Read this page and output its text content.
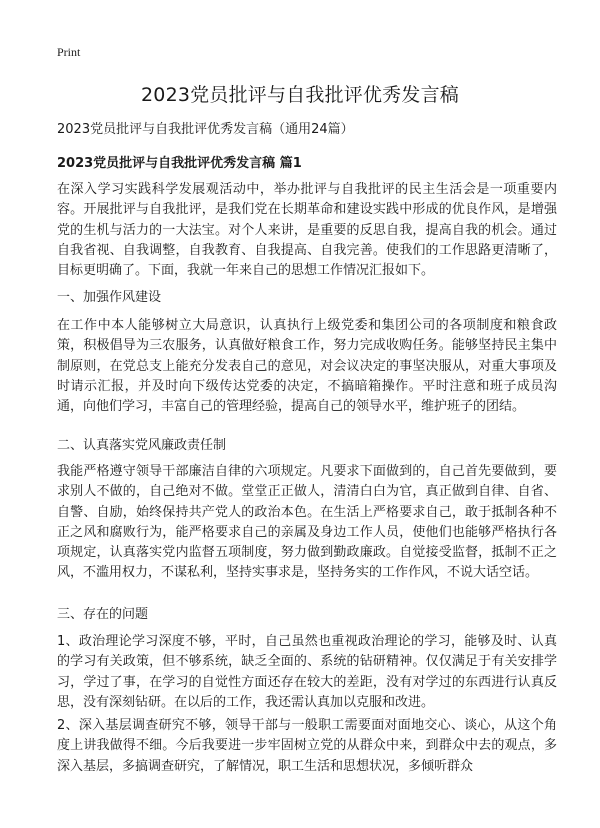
Print
2023党员批评与自我批评优秀发言稿

2023党员批评与自我批评优秀发言稿（通用24篇）

2023党员批评与自我批评优秀发言稿 篇1

在深入学习实践科学发展观活动中，举办批评与自我批评的民主生活会是一项重要内容。开展批评与自我批评，是我们党在长期革命和建设实践中形成的优良作风，是增强党的生机与活力的一大法宝。对个人来讲，是重要的反思自我，提高自我的机会。通过自我省视、自我调整，自我教育、自我提高、自我完善。使我们的工作思路更清晰了，目标更明确了。下面，我就一年来自己的思想工作情况汇报如下。

一、加强作风建设

在工作中本人能够树立大局意识，认真执行上级党委和集团公司的各项制度和粮食政策，积极倡导为三农服务，认真做好粮食工作，努力完成收购任务。能够坚持民主集中制原则，在党总支上能充分发表自己的意见，对会议决定的事坚决服从，对重大事项及时请示汇报，并及时向下级传达党委的决定，不搞暗箱操作。平时注意和班子成员沟通，向他们学习，丰富自己的管理经验，提高自己的领导水平，维护班子的团结。

二、认真落实党风廉政责任制

我能严格遵守领导干部廉洁自律的六项规定。凡要求下面做到的，自己首先要做到，要求别人不做的，自己绝对不做。堂堂正正做人，清清白白为官，真正做到自律、自省、自警、自励，始终保持共产党人的政治本色。在生活上严格要求自己，敢于抵制各种不正之风和腐败行为，能严格要求自己的亲属及身边工作人员，使他们也能够严格执行各项规定，认真落实党内监督五项制度，努力做到勤政廉政。自觉接受监督，抵制不正之风，不滥用权力，不谋私利，坚持实事求是，坚持务实的工作作风，不说大话空话。

三、存在的问题

1、政治理论学习深度不够，平时，自己虽然也重视政治理论的学习，能够及时、认真的学习有关政策，但不够系统，缺乏全面的、系统的钻研精神。仅仅满足于有关安排学习，学过了事，在学习的自觉性方面还存在较大的差距，没有对学过的东西进行认真反思，没有深刻钻研。在以后的工作，我还需认真加以克服和改进。

2、深入基层调查研究不够，领导干部与一般职工需要面对面地交心、谈心，从这个角度上讲我做得不细。今后我要进一步牢固树立党的从群众中来，到群众中去的观点，多深入基层，多搞调查研究，了解情况，职工生活和思想状况，多倾听群众
